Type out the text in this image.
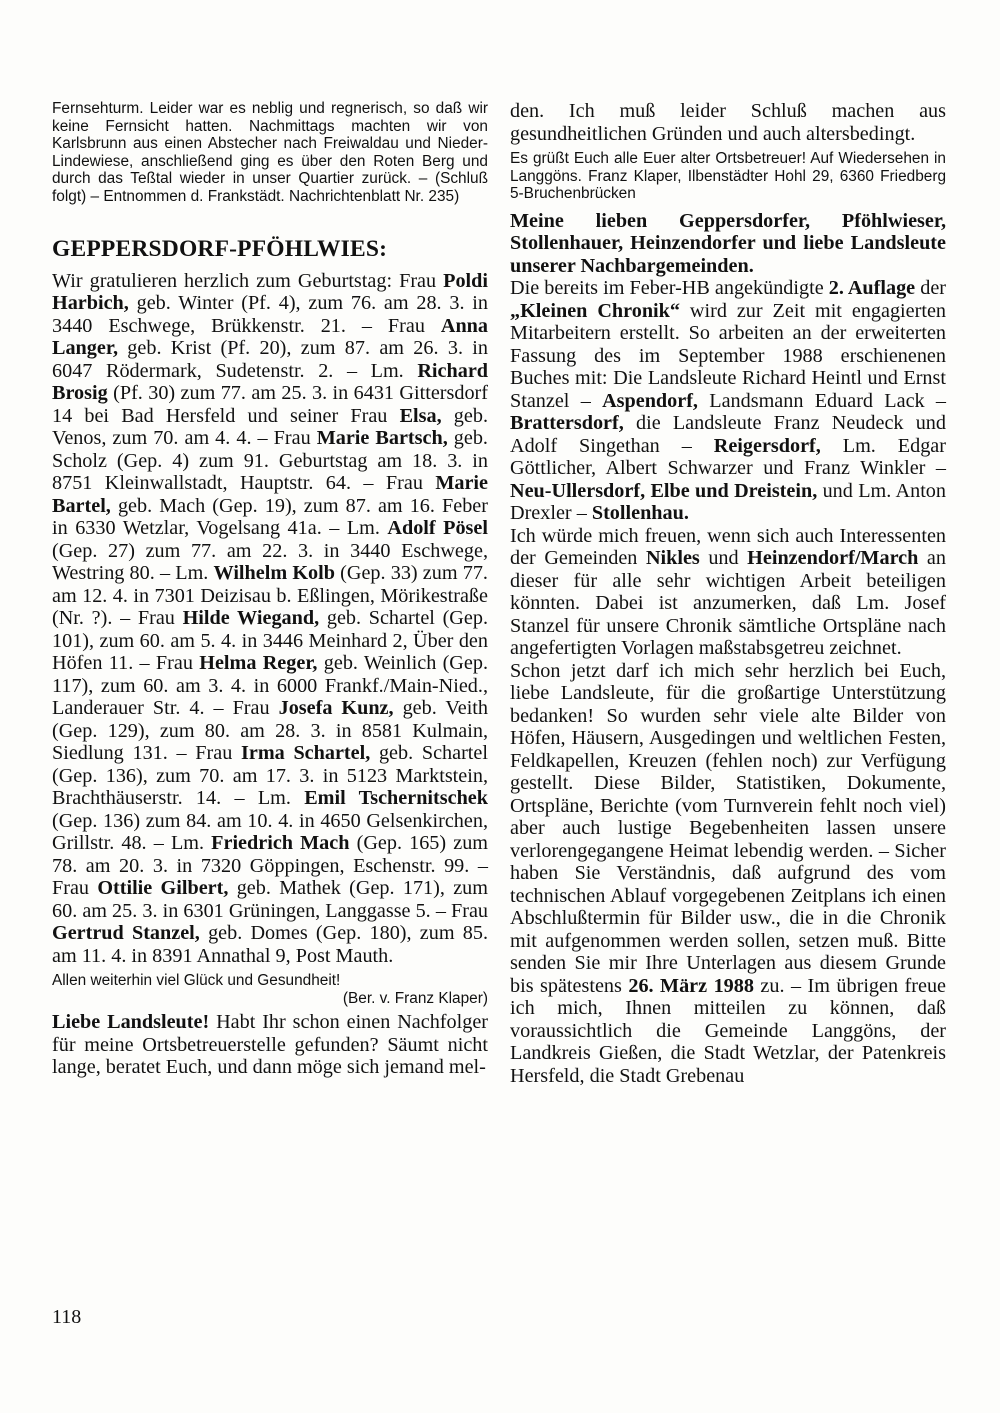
Fernsehturm. Leider war es neblig und regnerisch, so daß wir keine Fernsicht hatten. Nachmittags machten wir von Karlsbrunn aus einen Abstecher nach Freiwaldau und Nieder-Lindewiese, anschließend ging es über den Roten Berg und durch das Teßtal wieder in unser Quartier zurück. – (Schluß folgt) – Entnommen d. Frankstädt. Nachrichtenblatt Nr. 235)

GEPPERSDORF-PFÖHLWIES:

Wir gratulieren herzlich zum Geburtstag: Frau Poldi Harbich, geb. Winter (Pf. 4), zum 76. am 28. 3. in 3440 Eschwege, Brükkenstr. 21. – Frau Anna Langer, geb. Krist (Pf. 20), zum 87. am 26. 3. in 6047 Rödermark, Sudetenstr. 2. – Lm. Richard Brosig (Pf. 30) zum 77. am 25. 3. in 6431 Gittersdorf 14 bei Bad Hersfeld und seiner Frau Elsa, geb. Venos, zum 70. am 4. 4. – Frau Marie Bartsch, geb. Scholz (Gep. 4) zum 91. Geburtstag am 18. 3. in 8751 Kleinwallstadt, Hauptstr. 64. – Frau Marie Bartel, geb. Mach (Gep. 19), zum 87. am 16. Feber in 6330 Wetzlar, Vogelsang 41a. – Lm. Adolf Pösel (Gep. 27) zum 77. am 22. 3. in 3440 Eschwege, Westring 80. – Lm. Wilhelm Kolb (Gep. 33) zum 77. am 12. 4. in 7301 Deizisau b. Eßlingen, Mörikestraße (Nr. ?). – Frau Hilde Wiegand, geb. Schartel (Gep. 101), zum 60. am 5. 4. in 3446 Meinhard 2, Über den Höfen 11. – Frau Helma Reger, geb. Weinlich (Gep. 117), zum 60. am 3. 4. in 6000 Frankf./Main-Nied., Landerauer Str. 4. – Frau Josefa Kunz, geb. Veith (Gep. 129), zum 80. am 28. 3. in 8581 Kulmain, Siedlung 131. – Frau Irma Schartel, geb. Schartel (Gep. 136), zum 70. am 17. 3. in 5123 Marktstein, Brachthäuserstr. 14. – Lm. Emil Tschernitschek (Gep. 136) zum 84. am 10. 4. in 4650 Gelsenkirchen, Grillstr. 48. – Lm. Friedrich Mach (Gep. 165) zum 78. am 20. 3. in 7320 Göppingen, Eschenstr. 99. – Frau Ottilie Gilbert, geb. Mathek (Gep. 171), zum 60. am 25. 3. in 6301 Grüningen, Langgasse 5. – Frau Gertrud Stanzel, geb. Domes (Gep. 180), zum 85. am 11. 4. in 8391 Annathal 9, Post Mauth.

Allen weiterhin viel Glück und Gesundheit!

(Ber. v. Franz Klaper)

Liebe Landsleute! Habt Ihr schon einen Nachfolger für meine Ortsbetreuerstelle gefunden? Säumt nicht lange, beratet Euch, und dann möge sich jemand mel-

den. Ich muß leider Schluß machen aus gesundheitlichen Gründen und auch altersbedingt.

Es grüßt Euch alle Euer alter Ortsbetreuer! Auf Wiedersehen in Langgöns. Franz Klaper, Ilbenstädter Hohl 29, 6360 Friedberg 5-Bruchenbrücken

Meine lieben Geppersdorfer, Pföhlwieser, Stollenhauer, Heinzendorfer und liebe Landsleute unserer Nachbargemeinden.

Die bereits im Feber-HB angekündigte 2. Auflage der „Kleinen Chronik“ wird zur Zeit mit engagierten Mitarbeitern erstellt. So arbeiten an der erweiterten Fassung des im September 1988 erschienenen Buches mit: Die Landsleute Richard Heintl und Ernst Stanzel – Aspendorf, Landsmann Eduard Lack – Brattersdorf, die Landsleute Franz Neudeck und Adolf Singethan – Reigersdorf, Lm. Edgar Göttlicher, Albert Schwarzer und Franz Winkler – Neu-Ullersdorf, Elbe und Dreistein, und Lm. Anton Drexler – Stollenhau.

Ich würde mich freuen, wenn sich auch Interessenten der Gemeinden Nikles und Heinzendorf/March an dieser für alle sehr wichtigen Arbeit beteiligen könnten. Dabei ist anzumerken, daß Lm. Josef Stanzel für unsere Chronik sämtliche Ortspläne nach angefertigten Vorlagen maßstabsgetreu zeichnet.

Schon jetzt darf ich mich sehr herzlich bei Euch, liebe Landsleute, für die großartige Unterstützung bedanken! So wurden sehr viele alte Bilder von Höfen, Häusern, Ausgedingen und weltlichen Festen, Feldkapellen, Kreuzen (fehlen noch) zur Verfügung gestellt. Diese Bilder, Statistiken, Dokumente, Ortspläne, Berichte (vom Turnverein fehlt noch viel) aber auch lustige Begebenheiten lassen unsere verlorengegangene Heimat lebendig werden. – Sicher haben Sie Verständnis, daß aufgrund des vom technischen Ablauf vorgegebenen Zeitplans ich einen Abschlußtermin für Bilder usw., die in die Chronik mit aufgenommen werden sollen, setzen muß. Bitte senden Sie mir Ihre Unterlagen aus diesem Grunde bis spätestens 26. März 1988 zu. – Im übrigen freue ich mich, Ihnen mitteilen zu können, daß voraussichtlich die Gemeinde Langgöns, der Landkreis Gießen, die Stadt Wetzlar, der Patenkreis Hersfeld, die Stadt Grebenau

118
